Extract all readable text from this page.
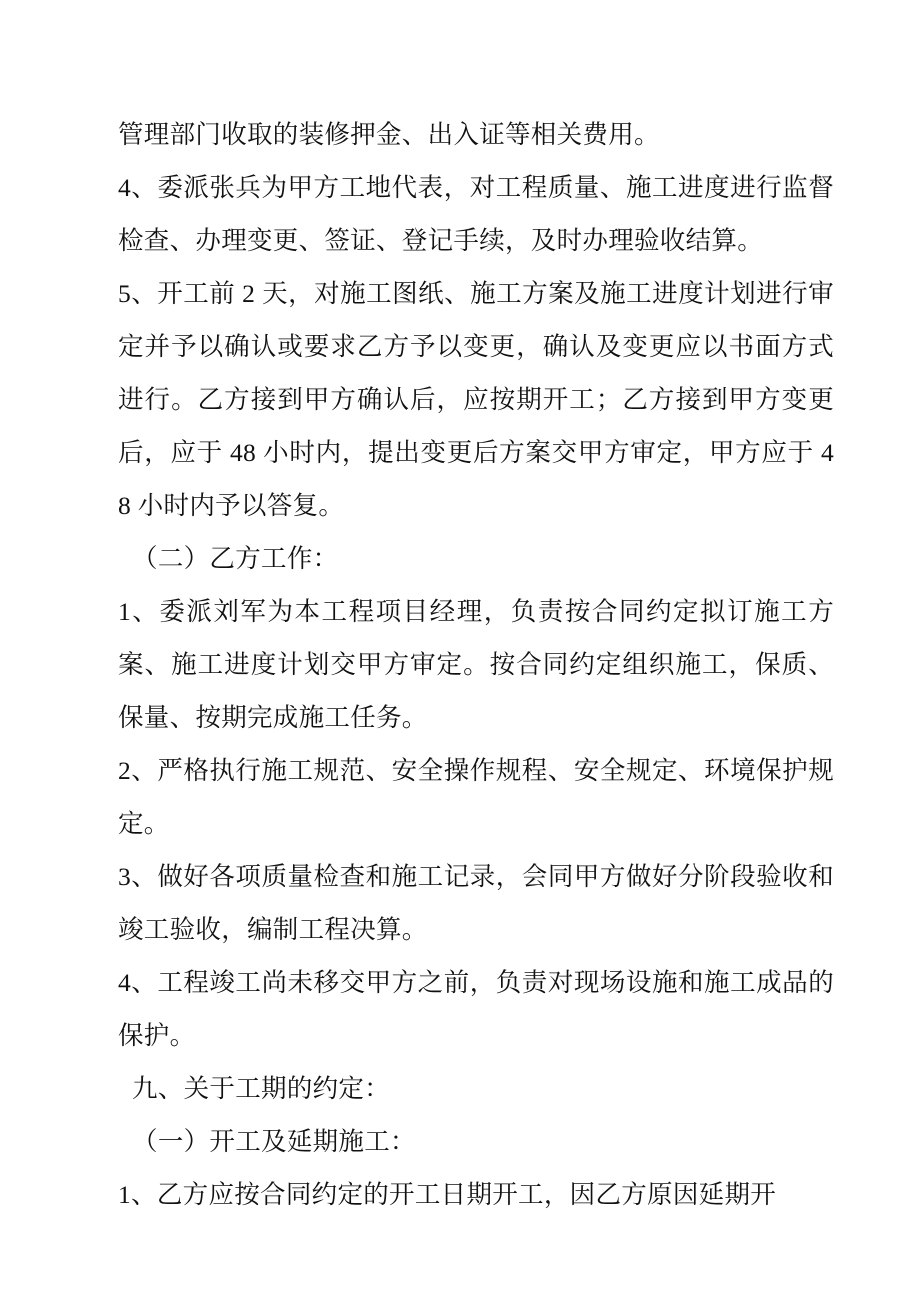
管理部门收取的装修押金、出入证等相关费用。

4、委派张兵为甲方工地代表，对工程质量、施工进度进行监督检查、办理变更、签证、登记手续，及时办理验收结算。

5、开工前 2 天，对施工图纸、施工方案及施工进度计划进行审定并予以确认或要求乙方予以变更，确认及变更应以书面方式进行。乙方接到甲方确认后，应按期开工；乙方接到甲方变更后，应于 48 小时内，提出变更后方案交甲方审定，甲方应于 48 小时内予以答复。

（二）乙方工作：

1、委派刘军为本工程项目经理，负责按合同约定拟订施工方案、施工进度计划交甲方审定。按合同约定组织施工，保质、保量、按期完成施工任务。

2、严格执行施工规范、安全操作规程、安全规定、环境保护规定。

3、做好各项质量检查和施工记录，会同甲方做好分阶段验收和竣工验收，编制工程决算。

4、工程竣工尚未移交甲方之前，负责对现场设施和施工成品的保护。

九、关于工期的约定：

（一）开工及延期施工：

1、乙方应按合同约定的开工日期开工，因乙方原因延期开
